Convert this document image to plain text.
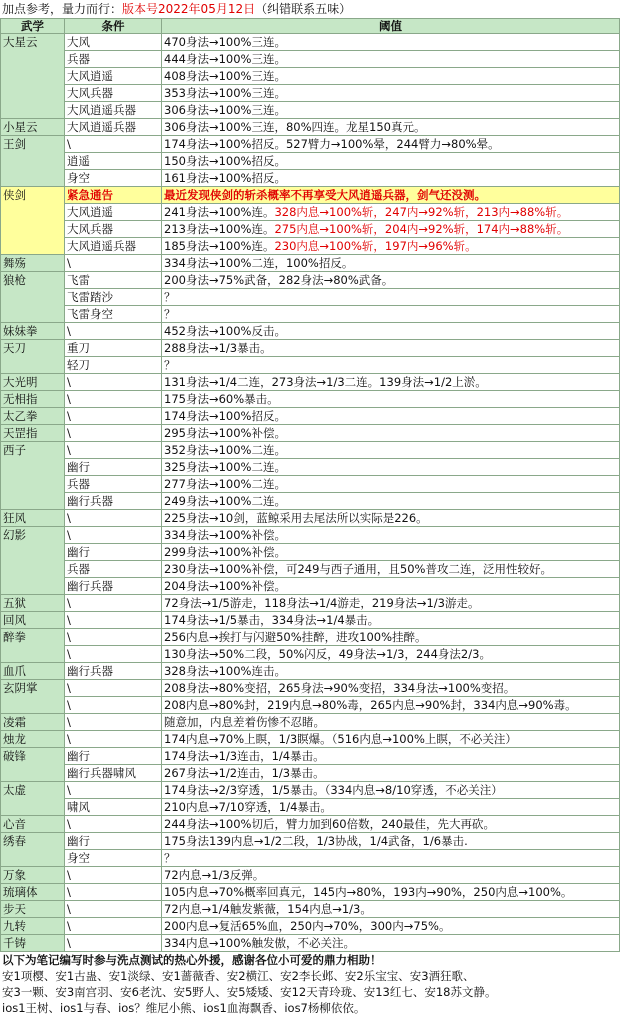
加点参考，量力而行：版本号2022年05月12日（纠错联系五味）
武学	条件	阈值
大星云	大风	470身法→100%三连。
	兵器	444身法→100%三连。
	大风逍遥	408身法→100%三连。
	大风兵器	353身法→100%三连。
	大风逍遥兵器	306身法→100%三连。
小星云	大风逍遥兵器	306身法→100%三连，80%四连。龙星150真元。
王剑	\	174身法→100%招反。527臂力→100%晕，244臂力→80%晕。
	逍遥	150身法→100%招反。
	身空	161身法→100%招反。
侠剑	紧急通告	最近发现侠剑的斩杀概率不再享受大风逍遥兵器，剑气还没测。
	大风逍遥	241身法→100%连。328内息→100%斩，247内→92%斩，213内→88%斩。
	大风兵器	213身法→100%连。275内息→100%斩，204内→92%斩，174内→88%斩。
	大风逍遥兵器	185身法→100%连。230内息→100%斩，197内→96%斩。
舞殇	\	334身法→100%二连，100%招反。
狼枪	飞雷	200身法→75%武备，282身法→80%武备。
	飞雷踏沙	？
	飞雷身空	？
妹妹拳	\	452身法→100%反击。
天刀	重刀	288身法→1/3暴击。
	轻刀	？
大光明	\	131身法→1/4二连，273身法→1/3二连。139身法→1/2上淤。
无相指	\	175身法→60%暴击。
太乙拳	\	174身法→100%招反。
天罡指	\	295身法→100%补偿。
西子	\	352身法→100%二连。
	幽行	325身法→100%二连。
	兵器	277身法→100%二连。
	幽行兵器	249身法→100%二连。
狂风	\	225身法→10剑，蓝鲸采用去尾法所以实际是226。
幻影	\	334身法→100%补偿。
	幽行	299身法→100%补偿。
	兵器	230身法→100%补偿，可249与西子通用，且50%普攻二连，泛用性较好。
	幽行兵器	204身法→100%补偿。
五狱	\	72身法→1/5游走，118身法→1/4游走，219身法→1/3游走。
回风	\	174身法→1/5暴击，334身法→1/4暴击。
醉拳	\	256内息→挨打与闪避50%挂醉，进攻100%挂醉。
	\	130身法→50%二段，50%闪反，49身法→1/3，244身法2/3。
血爪	幽行兵器	328身法→100%连击。
玄阴掌	\	208身法→80%变招，265身法→90%变招，334身法→100%变招。
	\	208内息→80%封，219内息→80%毒，265内息→90%封，334内息→90%毒。
凌霜	\	随意加，内息差着伤惨不忍睹。
烛龙	\	174内息→70%上瞑，1/3瞑爆。（516内息→100%上瞑，不必关注）
破锋	幽行	174身法→1/3连击，1/4暴击。
	幽行兵器啸风	267身法→1/2连击，1/3暴击。
太虚	\	174身法→2/3穿透，1/5暴击。（334内息→8/10穿透，不必关注）
	啸风	210内息→7/10穿透，1/4暴击。
心音	\	244身法→100%切后，臂力加到60倍数，240最佳，先大再砍。
绣春	幽行	175身法139内息→1/2二段，1/3协战，1/4武备，1/6暴击.
	身空	？
万象	\	72内息→1/3反弹。
琉璃体	\	105内息→70%概率回真元，145内→80%，193内→90%，250内息→100%。
步天	\	72内息→1/4触发紫薇，154内息→1/3。
九转	\	200内息→复活65%血，250内→70%，300内→75%。
千铸	\	334内息→100%触发傲，不必关注。
以下为笔记编写时参与洗点测试的热心外援，感谢各位小可爱的鼎力相助！
安1项樱、安1古蛊、安1淡绿、安1蔷薇香、安2横江、安2李长邺、安2乐宝宝、安3酒狂歌、
安3一颗、安3南宫羽、安6老沈、安5野人、安5矮矮、安12天青玲珑、安13红七、安18苏文静。
ios1王树、ios1与春、ios？维尼小熊、ios1血海飘香、ios7杨柳依依。
